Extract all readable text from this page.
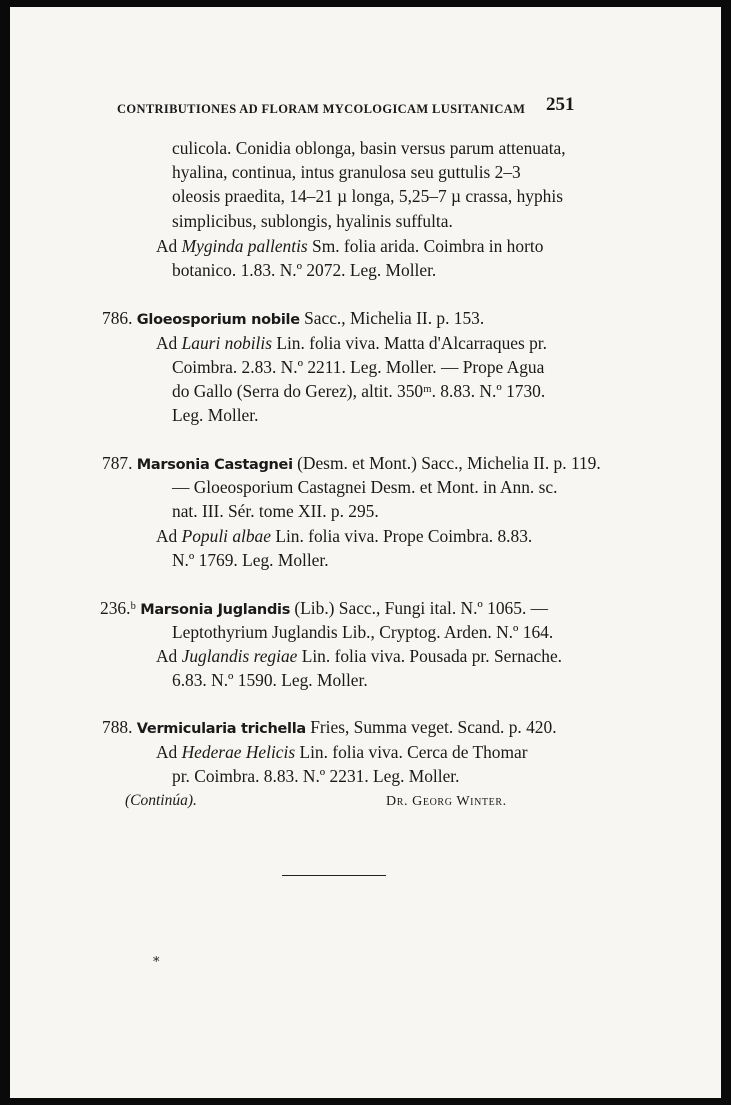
CONTRIBUTIONES AD FLORAM MYCOLOGICAM LUSITANICAM 251
culicola. Conidia oblonga, basin versus parum attenuata,
hyalina, continua, intus granulosa seu guttulis 2–3
oleosis praedita, 14–21 µ longa, 5,25–7 µ crassa, hyphis
simplicibus, sublongis, hyalinis suffulta.
Ad Myginda pallentis Sm. folia arida. Coimbra in horto
botanico. 1.83. N.º 2072. Leg. Moller.
786. Gloeosporium nobile Sacc., Michelia II. p. 153.
Ad Lauri nobilis Lin. folia viva. Matta d'Alcarraques pr.
Coimbra. 2.83. N.º 2211. Leg. Moller. — Prope Agua
do Gallo (Serra do Gerez), altit. 350ᵐ. 8.83. N.º 1730.
Leg. Moller.
787. Marsonia Castagnei (Desm. et Mont.) Sacc., Michelia II. p. 119.
— Gloeosporium Castagnei Desm. et Mont. in Ann. sc.
nat. III. Sér. tome XII. p. 295.
Ad Populi albae Lin. folia viva. Prope Coimbra. 8.83.
N.º 1769. Leg. Moller.
236.ᵇ Marsonia Juglandis (Lib.) Sacc., Fungi ital. N.º 1065. —
Leptothyrium Juglandis Lib., Cryptog. Arden. N.º 164.
Ad Juglandis regiae Lin. folia viva. Pousada pr. Sernache.
6.83. N.º 1590. Leg. Moller.
788. Vermicularia trichella Fries, Summa veget. Scand. p. 420.
Ad Hederae Helicis Lin. folia viva. Cerca de Thomar
pr. Coimbra. 8.83. N.º 2231. Leg. Moller.
(Continúa).	Dr. Georg Winter.
*
